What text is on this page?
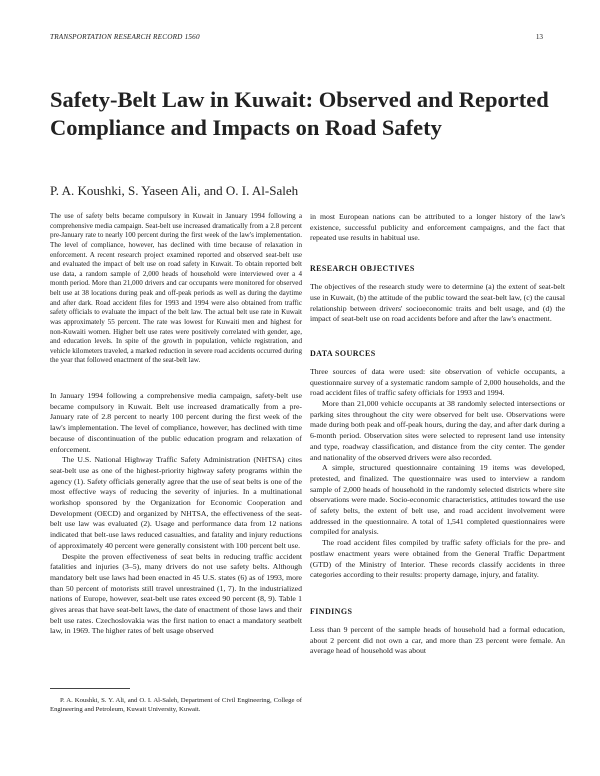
TRANSPORTATION RESEARCH RECORD 1560	13
Safety-Belt Law in Kuwait: Observed and Reported Compliance and Impacts on Road Safety
P. A. Koushki, S. Yaseen Ali, and O. I. Al-Saleh

The use of safety belts became compulsory in Kuwait in January 1994 following a comprehensive media campaign. Seat-belt use increased dramatically from a 2.8 percent pre-January rate to nearly 100 percent during the first week of the law's implementation. The level of compliance, however, has declined with time because of relaxation in enforcement. A recent research project examined reported and observed seat-belt use and evaluated the impact of belt use on road safety in Kuwait. To obtain reported belt use data, a random sample of 2,000 heads of household were interviewed over a 4 month period. More than 21,000 drivers and car occupants were monitored for observed belt use at 38 locations during peak and off-peak periods as well as during the daytime and after dark. Road accident files for 1993 and 1994 were also obtained from traffic safety officials to evaluate the impact of the belt law. The actual belt use rate in Kuwait was approximately 55 percent. The rate was lowest for Kuwaiti men and highest for non-Kuwaiti women. Higher belt use rates were positively correlated with gender, age, and education levels. In spite of the growth in population, vehicle registration, and vehicle kilometers traveled, a marked reduction in severe road accidents occurred during the year that followed enactment of the seat-belt law.

In January 1994 following a comprehensive media campaign, safety-belt use became compulsory in Kuwait. Belt use increased dramatically from a pre-January rate of 2.8 percent to nearly 100 percent during the first week of the law's implementation. The level of compliance, however, has declined with time because of discontinuation of the public education program and relaxation of enforcement.

The U.S. National Highway Traffic Safety Administration (NHTSA) cites seat-belt use as one of the highest-priority highway safety programs within the agency (1). Safety officials generally agree that the use of seat belts is one of the most effective ways of reducing the severity of injuries. In a multinational workshop sponsored by the Organization for Economic Cooperation and Development (OECD) and organized by NHTSA, the effectiveness of the seat-belt use law was evaluated (2). Usage and performance data from 12 nations indicated that belt-use laws reduced casualties, and fatality and injury reductions of approximately 40 percent were generally consistent with 100 percent belt use.

Despite the proven effectiveness of seat belts in reducing traffic accident fatalities and injuries (3–5), many drivers do not use safety belts. Although mandatory belt use laws had been enacted in 45 U.S. states (6) as of 1993, more than 50 percent of motorists still travel unrestrained (1, 7). In the industrialized nations of Europe, however, seat-belt use rates exceed 90 percent (8, 9). Table 1 gives areas that have seat-belt laws, the date of enactment of those laws and their belt use rates. Czechoslovakia was the first nation to enact a mandatory seatbelt law, in 1969. The higher rates of belt usage observed

P. A. Koushki, S. Y. Ali, and O. I. Al-Saleh, Department of Civil Engineering, College of Engineering and Petroleum, Kuwait University, Kuwait.

in most European nations can be attributed to a longer history of the law's existence, successful publicity and enforcement campaigns, and the fact that repeated use results in habitual use.

RESEARCH OBJECTIVES

The objectives of the research study were to determine (a) the extent of seat-belt use in Kuwait, (b) the attitude of the public toward the seat-belt law, (c) the causal relationship between drivers' socioeconomic traits and belt usage, and (d) the impact of seat-belt use on road accidents before and after the law's enactment.

DATA SOURCES

Three sources of data were used: site observation of vehicle occupants, a questionnaire survey of a systematic random sample of 2,000 households, and the road accident files of traffic safety officials for 1993 and 1994.

More than 21,000 vehicle occupants at 38 randomly selected intersections or parking sites throughout the city were observed for belt use. Observations were made during both peak and off-peak hours, during the day, and after dark during a 6-month period. Observation sites were selected to represent land use intensity and type, roadway classification, and distance from the city center. The gender and nationality of the observed drivers were also recorded.

A simple, structured questionnaire containing 19 items was developed, pretested, and finalized. The questionnaire was used to interview a random sample of 2,000 heads of household in the randomly selected districts where site observations were made. Socio-economic characteristics, attitudes toward the use of safety belts, the extent of belt use, and road accident involvement were addressed in the questionnaire. A total of 1,541 completed questionnaires were compiled for analysis.

The road accident files compiled by traffic safety officials for the pre- and postlaw enactment years were obtained from the General Traffic Department (GTD) of the Ministry of Interior. These records classify accidents in three categories according to their results: property damage, injury, and fatality.

FINDINGS

Less than 9 percent of the sample heads of household had a formal education, about 2 percent did not own a car, and more than 23 percent were female. An average head of household was about
